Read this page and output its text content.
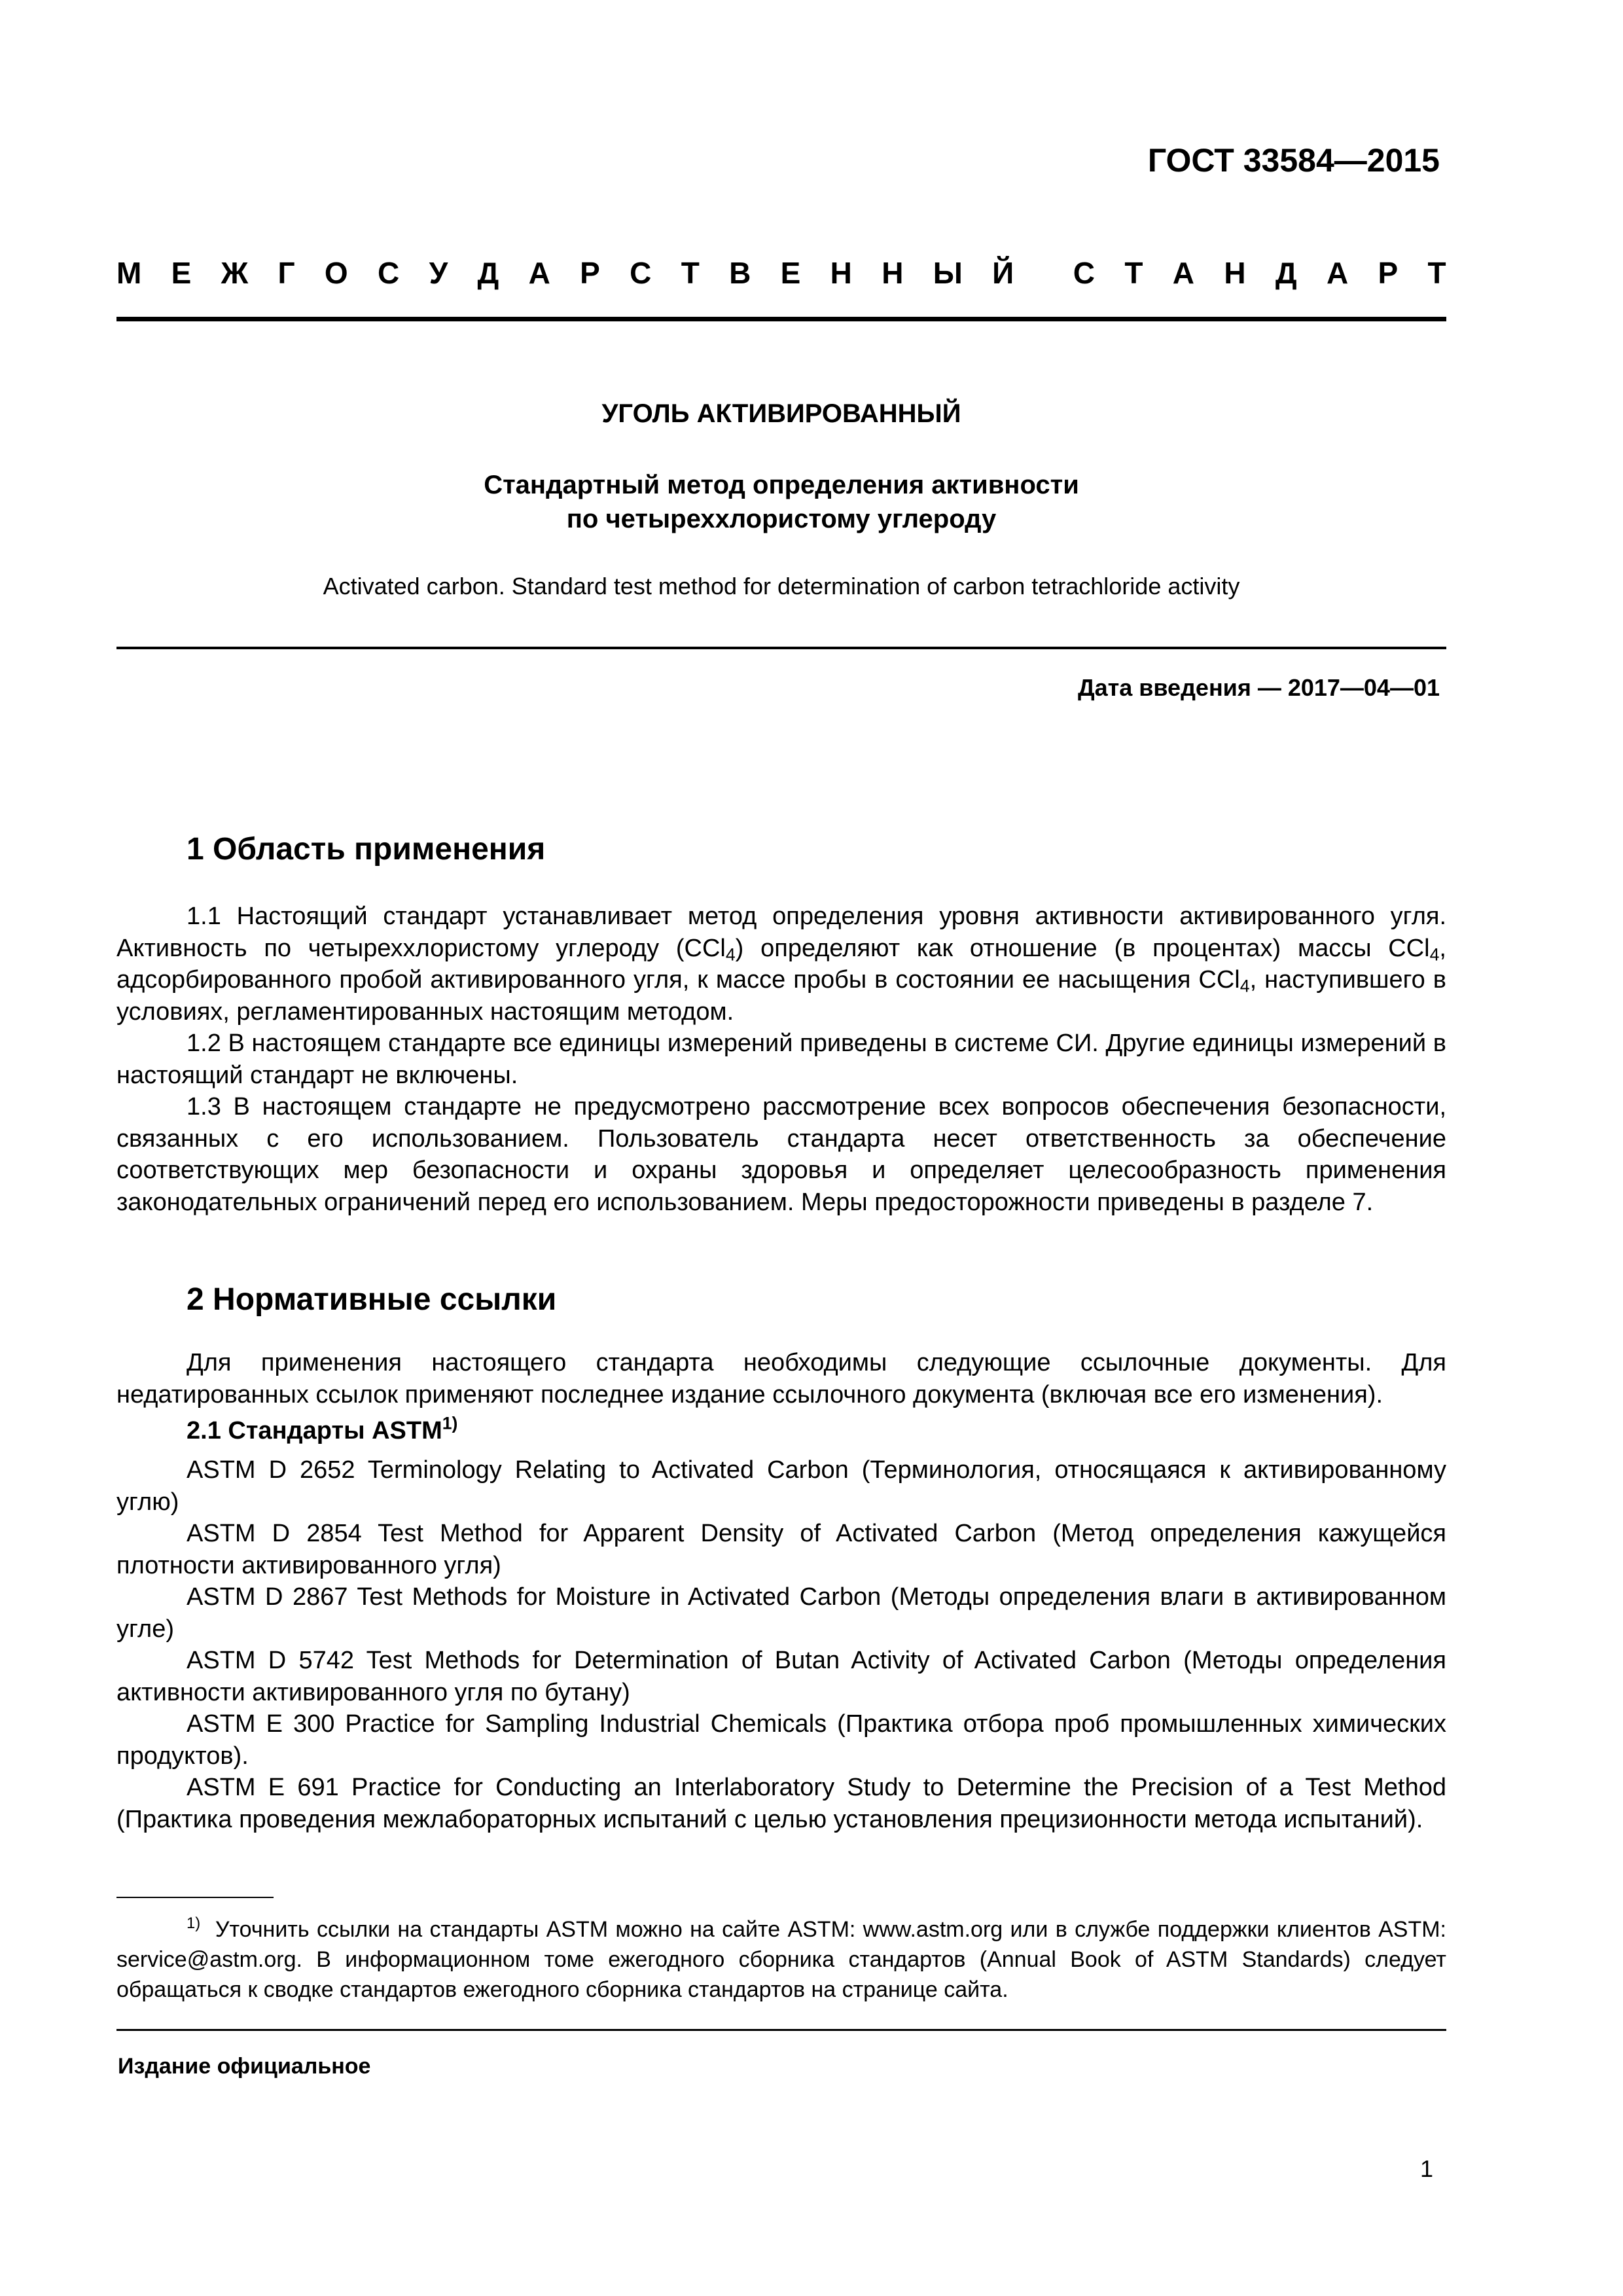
ГОСТ 33584—2015
М Е Ж Г О С У Д А Р С Т В Е Н Н Ы Й С Т А Н Д А Р Т
УГОЛЬ АКТИВИРОВАННЫЙ
Стандартный метод определения активности
по четыреххлористому углероду
Activated carbon. Standard test method for determination of carbon tetrachloride activity
Дата введения — 2017—04—01
1 Область применения

1.1 Настоящий стандарт устанавливает метод определения уровня активности активированного угля. Активность по четыреххлористому углероду (CCl$_4$) определяют как отношение (в процентах) массы CCl$_4$, адсорбированного пробой активированного угля, к массе пробы в состоянии ее насыщения CCl$_4$, наступившего в условиях, регламентированных настоящим методом.

1.2 В настоящем стандарте все единицы измерений приведены в системе СИ. Другие единицы измерений в настоящий стандарт не включены.

1.3 В настоящем стандарте не предусмотрено рассмотрение всех вопросов обеспечения безопасности, связанных с его использованием. Пользователь стандарта несет ответственность за обеспечение соответствующих мер безопасности и охраны здоровья и определяет целесообразность применения законодательных ограничений перед его использованием. Меры предосторожности приведены в разделе 7.

2 Нормативные ссылки

Для применения настоящего стандарта необходимы следующие ссылочные документы. Для недатированных ссылок применяют последнее издание ссылочного документа (включая все его изменения).

2.1 Стандарты ASTM$^{1)}$

ASTM D 2652 Terminology Relating to Activated Carbon (Терминология, относящаяся к активированному углю)

ASTM D 2854 Test Method for Apparent Density of Activated Carbon (Метод определения кажущейся плотности активированного угля)

ASTM D 2867 Test Methods for Moisture in Activated Carbon (Методы определения влаги в активированном угле)

ASTM D 5742 Test Methods for Determination of Butan Activity of Activated Carbon (Методы определения активности активированного угля по бутану)

ASTM E 300 Practice for Sampling Industrial Chemicals (Практика отбора проб промышленных химических продуктов).

ASTM E 691 Practice for Conducting an Interlaboratory Study to Determine the Precision of a Test Method (Практика проведения межлабораторных испытаний с целью установления прецизионности метода испытаний).

$^{1)}$ Уточнить ссылки на стандарты ASTM можно на сайте ASTM: www.astm.org или в службе поддержки клиентов ASTM: service@astm.org. В информационном томе ежегодного сборника стандартов (Annual Book of ASTM Standards) следует обращаться к сводке стандартов ежегодного сборника стандартов на странице сайта.

Издание официальное
1
